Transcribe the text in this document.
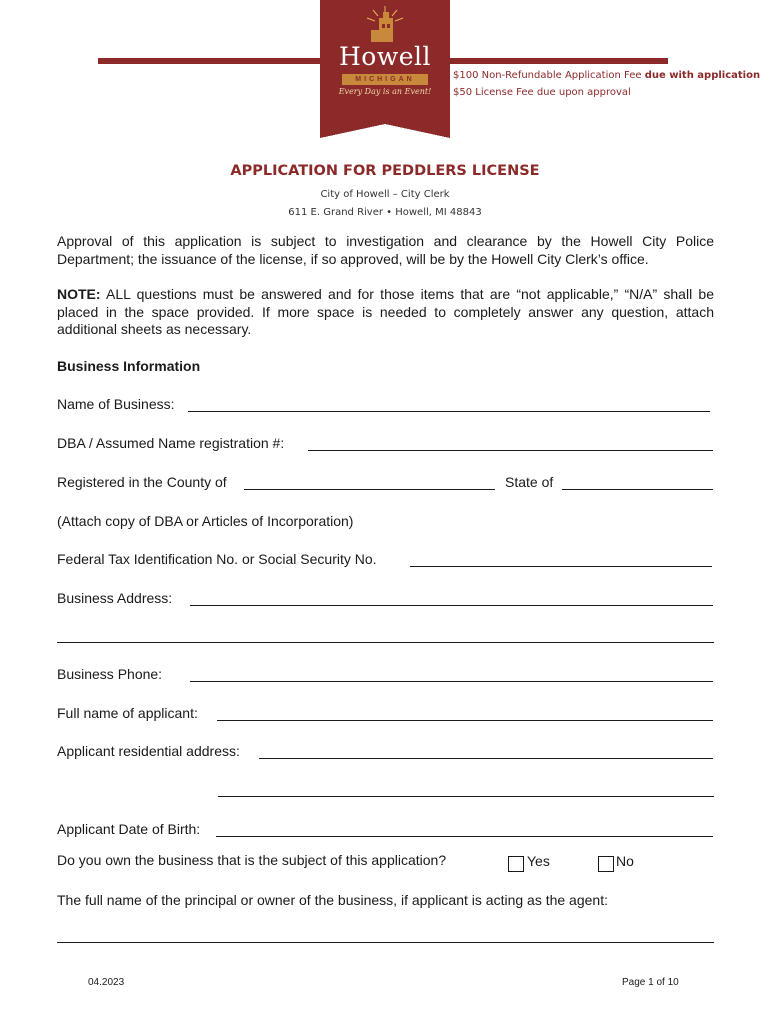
Howell
MICHIGAN
Every Day is an Event!
$100 Non-Refundable Application Fee due with application
$50 License Fee due upon approval
APPLICATION FOR PEDDLERS LICENSE
City of Howell – City Clerk
611 E. Grand River • Howell, MI 48843
Approval of this application is subject to investigation and clearance by the Howell City Police Department; the issuance of the license, if so approved, will be by the Howell City Clerk’s office.
NOTE: ALL questions must be answered and for those items that are “not applicable,” “N/A” shall be placed in the space provided. If more space is needed to completely answer any question, attach additional sheets as necessary.
Business Information
Name of Business:
DBA / Assumed Name registration #:
Registered in the County of	State of
(Attach copy of DBA or Articles of Incorporation)
Federal Tax Identification No. or Social Security No.
Business Address:
Business Phone:
Full name of applicant:
Applicant residential address:
Applicant Date of Birth:
Do you own the business that is the subject of this application?	Yes	No
The full name of the principal or owner of the business, if applicant is acting as the agent:
04.2023	Page 1 of 10
